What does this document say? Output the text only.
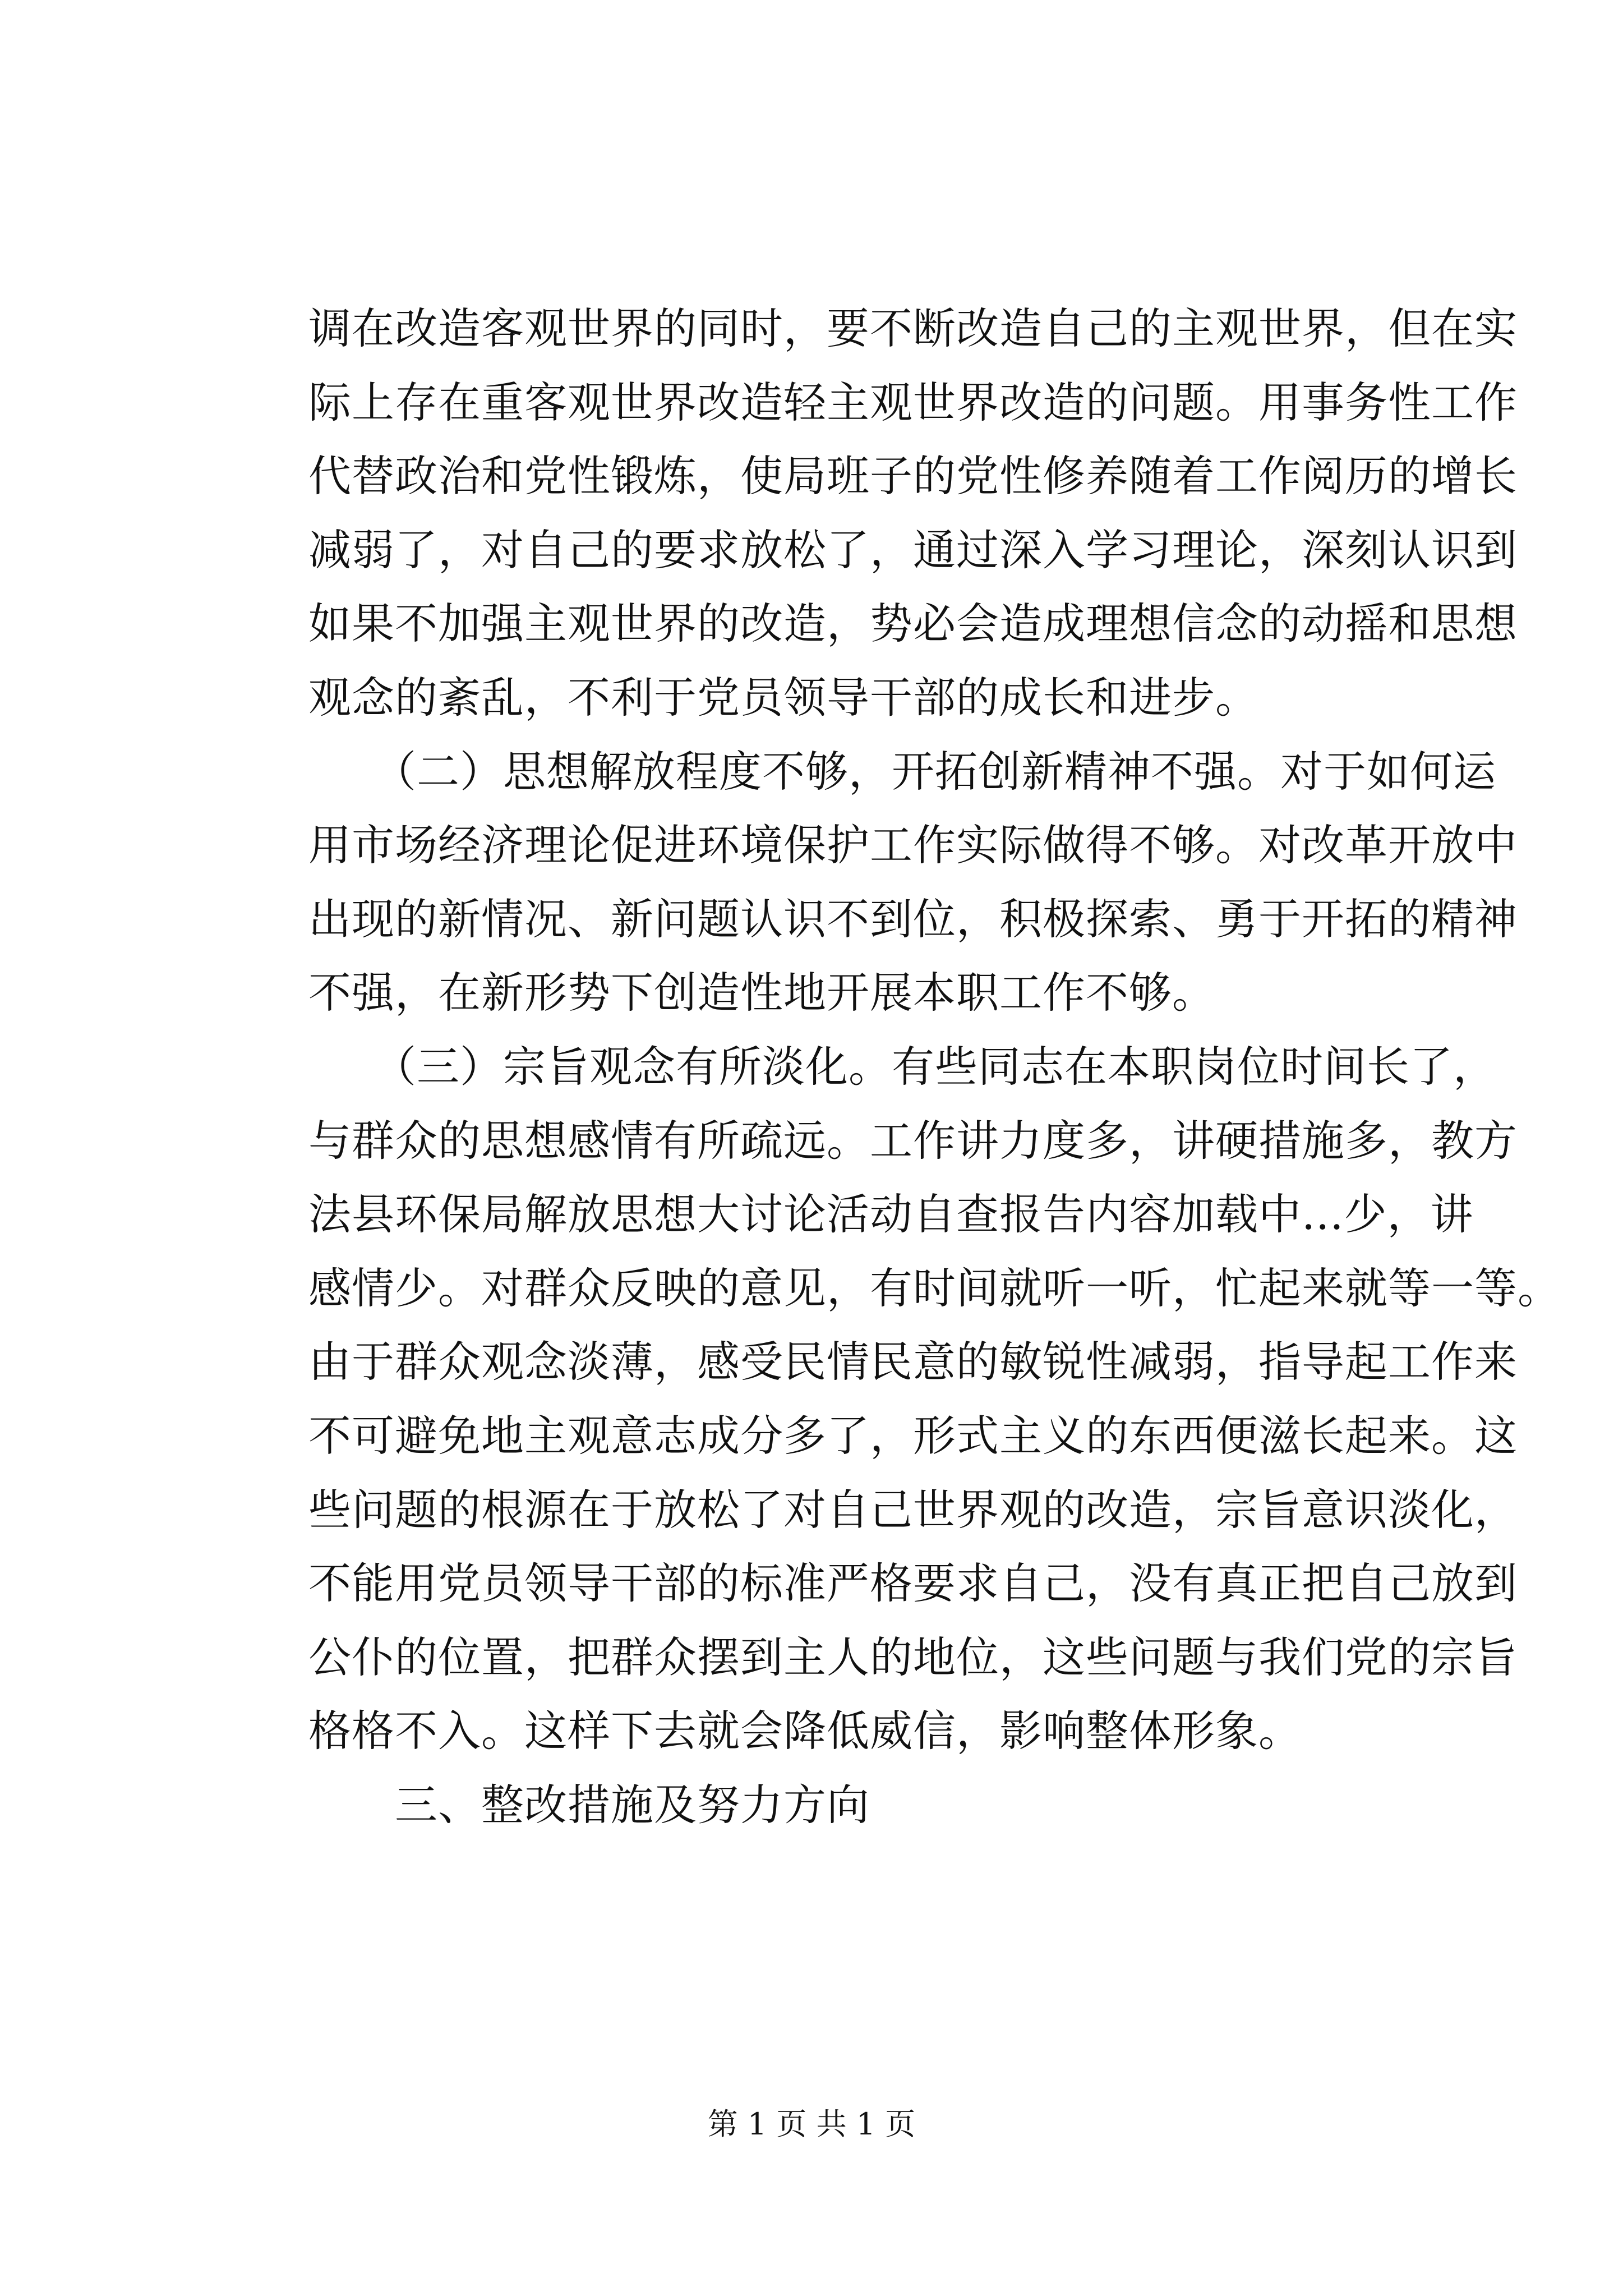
调在改造客观世界的同时，要不断改造自己的主观世界，但在实
际上存在重客观世界改造轻主观世界改造的问题。用事务性工作
代替政治和党性锻炼，使局班子的党性修养随着工作阅历的增长
减弱了，对自己的要求放松了，通过深入学习理论，深刻认识到
如果不加强主观世界的改造，势必会造成理想信念的动摇和思想
观念的紊乱，不利于党员领导干部的成长和进步。
　　（二）思想解放程度不够，开拓创新精神不强。对于如何运
用市场经济理论促进环境保护工作实际做得不够。对改革开放中
出现的新情况、新问题认识不到位，积极探索、勇于开拓的精神
不强，在新形势下创造性地开展本职工作不够。
　　（三）宗旨观念有所淡化。有些同志在本职岗位时间长了，
与群众的思想感情有所疏远。工作讲力度多，讲硬措施多，教方
法县环保局解放思想大讨论活动自查报告内容加载中...少，讲
感情少。对群众反映的意见，有时间就听一听，忙起来就等一等。
由于群众观念淡薄，感受民情民意的敏锐性减弱，指导起工作来
不可避免地主观意志成分多了，形式主义的东西便滋长起来。这
些问题的根源在于放松了对自己世界观的改造，宗旨意识淡化，
不能用党员领导干部的标准严格要求自己，没有真正把自己放到
公仆的位置，把群众摆到主人的地位，这些问题与我们党的宗旨
格格不入。这样下去就会降低威信，影响整体形象。
　　三、整改措施及努力方向
第 1 页 共 1 页
